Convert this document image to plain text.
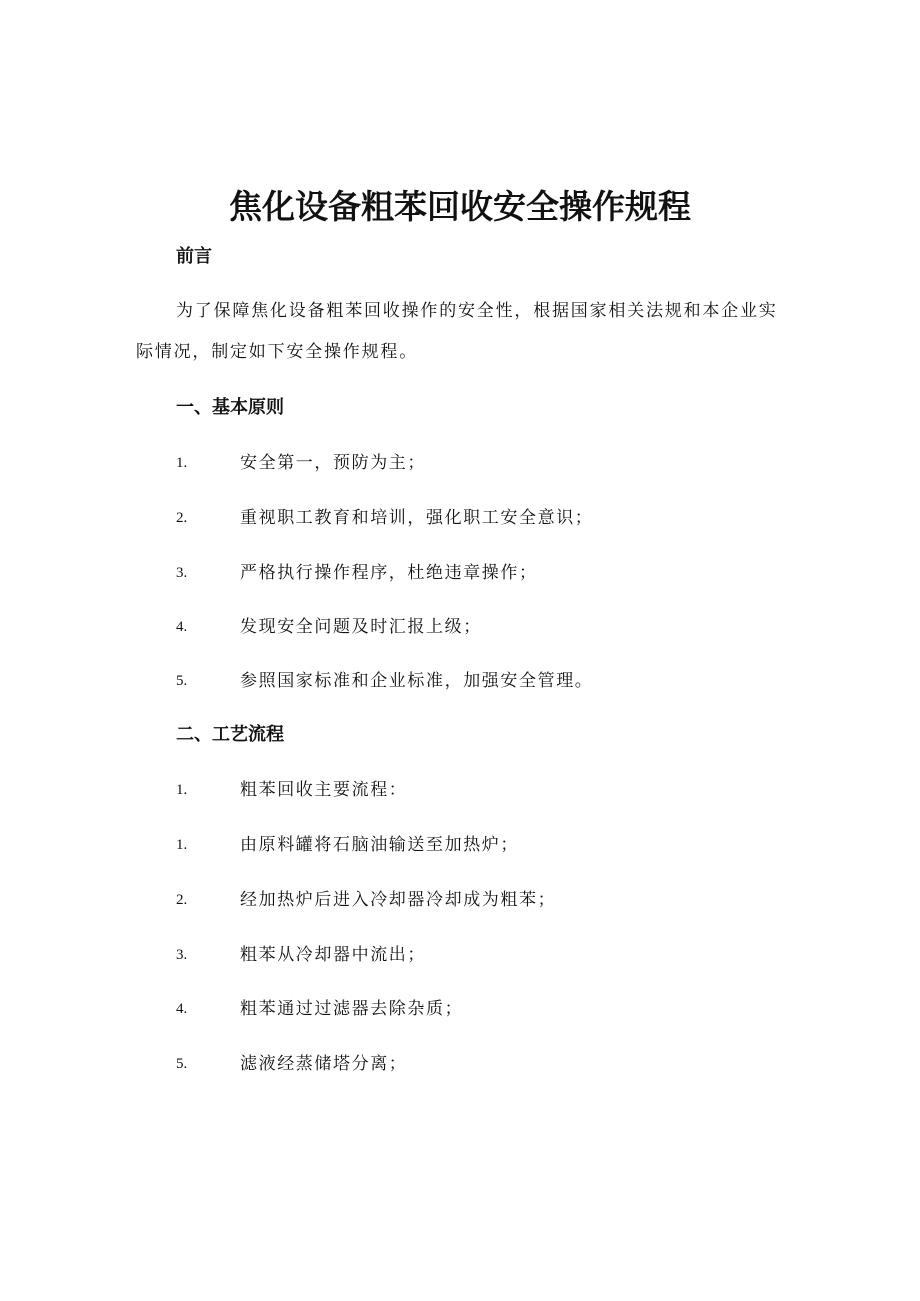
焦化设备粗苯回收安全操作规程
前言
为了保障焦化设备粗苯回收操作的安全性，根据国家相关法规和本企业实际情况，制定如下安全操作规程。
一、基本原则
1.	安全第一，预防为主；
2.	重视职工教育和培训，强化职工安全意识；
3.	严格执行操作程序，杜绝违章操作；
4.	发现安全问题及时汇报上级；
5.	参照国家标准和企业标准，加强安全管理。
二、工艺流程
1.	粗苯回收主要流程：
1.	由原料罐将石脑油输送至加热炉；
2.	经加热炉后进入冷却器冷却成为粗苯；
3.	粗苯从冷却器中流出；
4.	粗苯通过过滤器去除杂质；
5.	滤液经蒸储塔分离；
